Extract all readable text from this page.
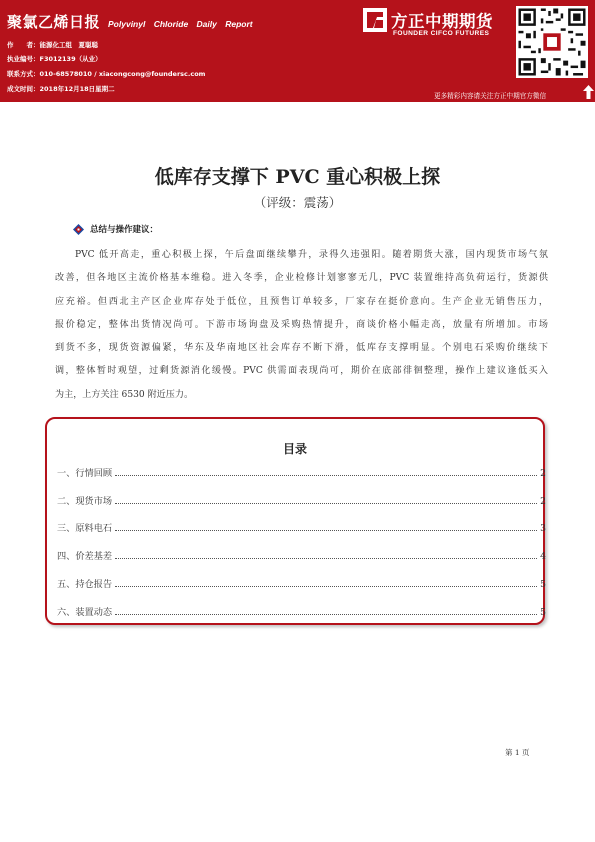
聚氯乙烯日报 Polyvinyl Chloride Daily Report
作　　者：能源化工组　夏聪聪
执业编号：F3012139（从业）
联系方式：010-68578010 / xiacongcong@foundersc.com
成文时间：2018年12月18日星期二
方正中期期货
FOUNDER CIFCO FUTURES
更多精彩内容请关注方正中期官方微信
低库存支撑下 PVC 重心积极上探
（评级：震荡）
总结与操作建议：
PVC 低开高走，重心积极上探，午后盘面继续攀升，录得久违强阳。随着期货大涨，国内现货市场气氛
改善，但各地区主流价格基本维稳。进入冬季，企业检修计划寥寥无几，PVC 装置维持高负荷运行，货源供
应充裕。但西北主产区企业库存处于低位，且预售订单较多，厂家存在挺价意向。生产企业无销售压力，
报价稳定，整体出货情况尚可。下游市场询盘及采购热情提升，商谈价格小幅走高，放量有所增加。市场
到货不多，现货资源偏紧，华东及华南地区社会库存不断下滑，低库存支撑明显。个别电石采购价继续下
调，整体暂时观望，过剩货源消化缓慢。PVC 供需面表现尚可，期价在底部徘徊整理，操作上建议逢低买入
为主，上方关注 6530 附近压力。
目录
一、行情回顾	2
二、现货市场	2
三、原料电石	3
四、价差基差	4
五、持仓报告	5
六、装置动态	5
第 1 页
